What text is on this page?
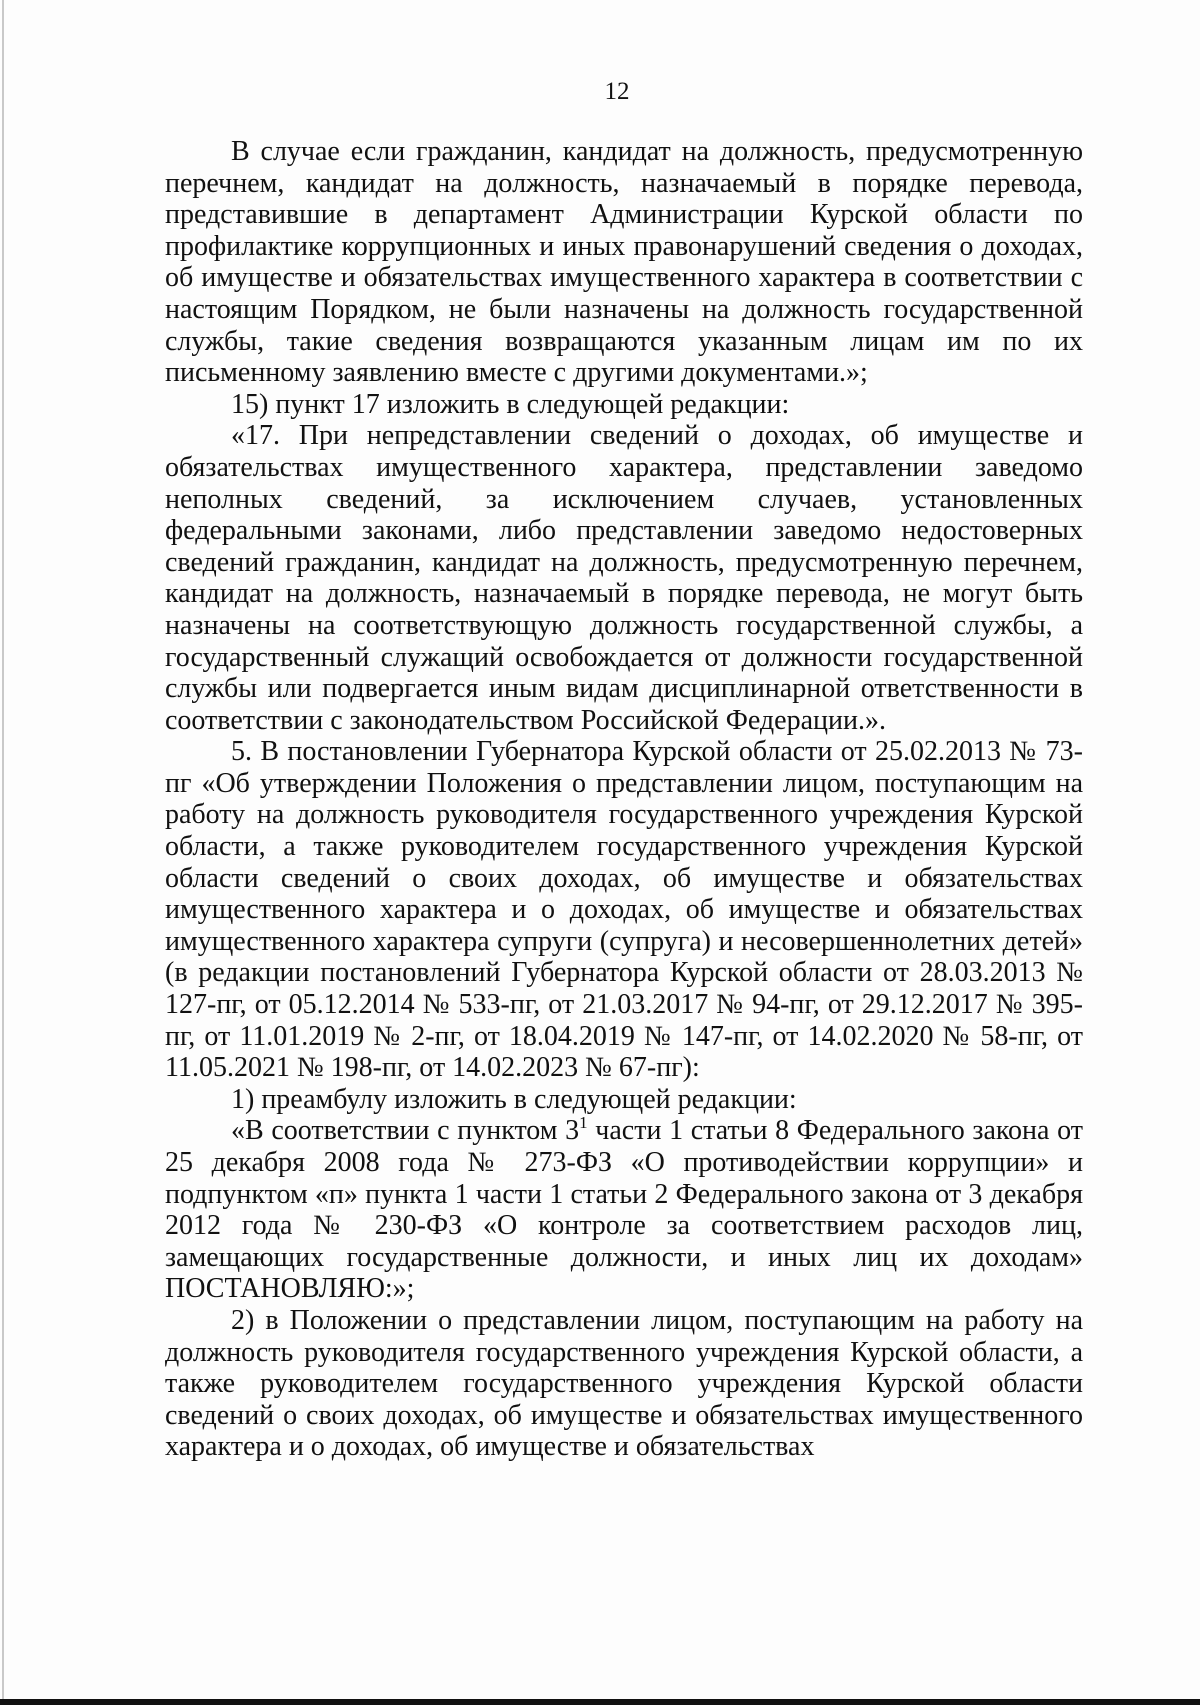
12

В случае если гражданин, кандидат на должность, предусмотренную перечнем, кандидат на должность, назначаемый в порядке перевода, представившие в департамент Администрации Курской области по профилактике коррупционных и иных правонарушений сведения о доходах, об имуществе и обязательствах имущественного характера в соответствии с настоящим Порядком, не были назначены на должность государственной службы, такие сведения возвращаются указанным лицам им по их письменному заявлению вместе с другими документами.»;

15) пункт 17 изложить в следующей редакции:

«17. При непредставлении сведений о доходах, об имуществе и обязательствах имущественного характера, представлении заведомо неполных сведений, за исключением случаев, установленных федеральными законами, либо представлении заведомо недостоверных сведений гражданин, кандидат на должность, предусмотренную перечнем, кандидат на должность, назначаемый в порядке перевода, не могут быть назначены на соответствующую должность государственной службы, а государственный служащий освобождается от должности государственной службы или подвергается иным видам дисциплинарной ответственности в соответствии с законодательством Российской Федерации.».

5. В постановлении Губернатора Курской области от 25.02.2013 № 73-пг «Об утверждении Положения о представлении лицом, поступающим на работу на должность руководителя государственного учреждения Курской области, а также руководителем государственного учреждения Курской области сведений о своих доходах, об имуществе и обязательствах имущественного характера и о доходах, об имуществе и обязательствах имущественного характера супруги (супруга) и несовершеннолетних детей» (в редакции постановлений Губернатора Курской области от 28.03.2013 № 127-пг, от 05.12.2014 № 533-пг, от 21.03.2017 № 94-пг, от 29.12.2017 № 395-пг, от 11.01.2019 № 2-пг, от 18.04.2019 № 147-пг, от 14.02.2020 № 58-пг, от 11.05.2021 № 198-пг, от 14.02.2023 № 67-пг):

1) преамбулу изложить в следующей редакции:

«В соответствии с пунктом $3^1$ части 1 статьи 8 Федерального закона от 25 декабря 2008 года № 273-ФЗ «О противодействии коррупции» и подпунктом «п» пункта 1 части 1 статьи 2 Федерального закона от 3 декабря 2012 года № 230-ФЗ «О контроле за соответствием расходов лиц, замещающих государственные должности, и иных лиц их доходам» ПОСТАНОВЛЯЮ:»;

2) в Положении о представлении лицом, поступающим на работу на должность руководителя государственного учреждения Курской области, а также руководителем государственного учреждения Курской области сведений о своих доходах, об имуществе и обязательствах имущественного характера и о доходах, об имуществе и обязательствах
